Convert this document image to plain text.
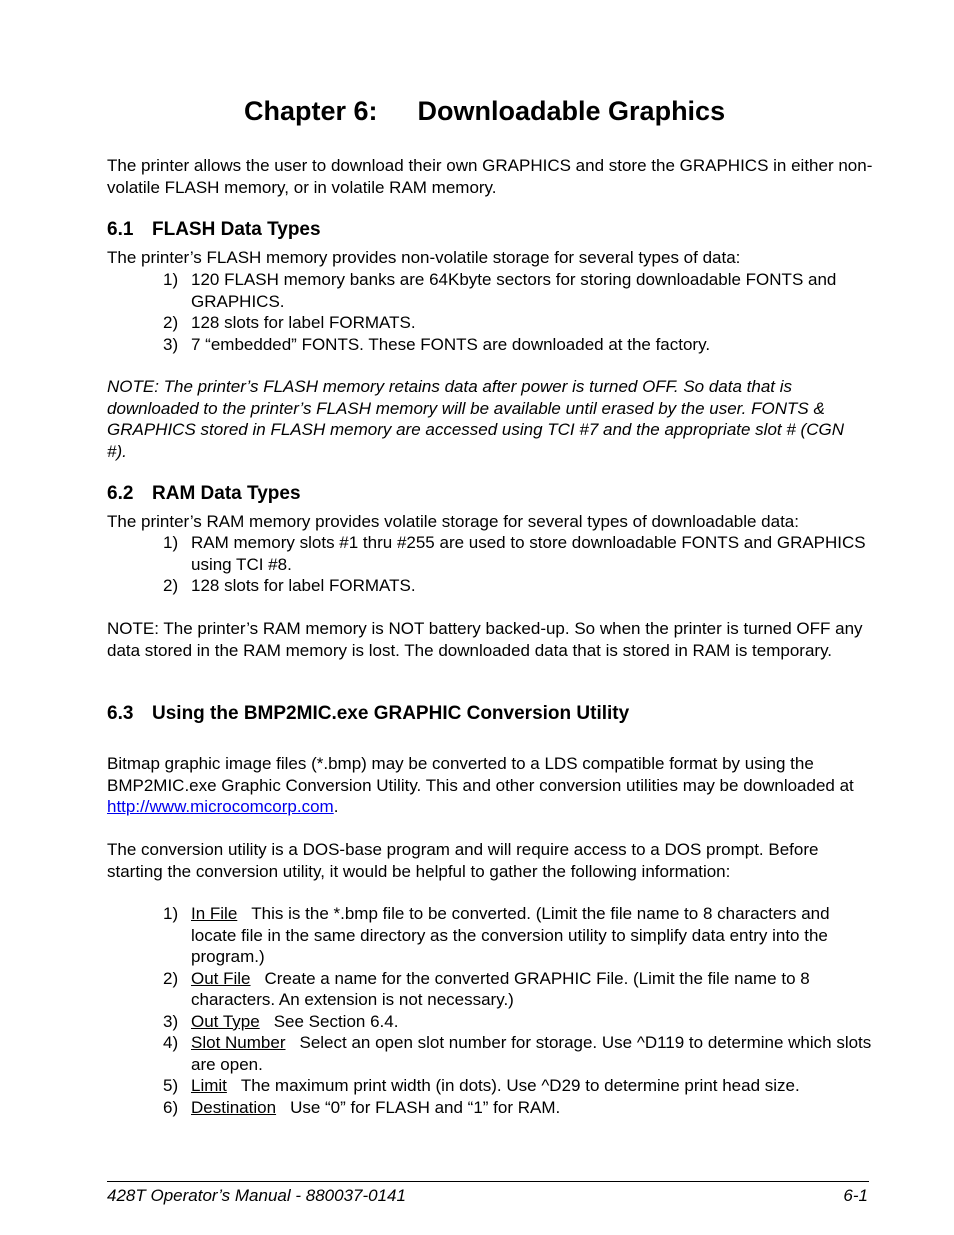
Chapter 6: Downloadable Graphics

The printer allows the user to download their own GRAPHICS and store the GRAPHICS in either non-volatile FLASH memory, or in volatile RAM memory.

6.1 FLASH Data Types

The printer’s FLASH memory provides non-volatile storage for several types of data:

1) 120 FLASH memory banks are 64Kbyte sectors for storing downloadable FONTS and GRAPHICS.
2) 128 slots for label FORMATS.
3) 7 “embedded” FONTS. These FONTS are downloaded at the factory.

NOTE: The printer’s FLASH memory retains data after power is turned OFF. So data that is downloaded to the printer’s FLASH memory will be available until erased by the user. FONTS & GRAPHICS stored in FLASH memory are accessed using TCI #7 and the appropriate slot # (CGN #).

6.2 RAM Data Types

The printer’s RAM memory provides volatile storage for several types of downloadable data:

1) RAM memory slots #1 thru #255 are used to store downloadable FONTS and GRAPHICS using TCI #8.
2) 128 slots for label FORMATS.

NOTE: The printer’s RAM memory is NOT battery backed-up. So when the printer is turned OFF any data stored in the RAM memory is lost. The downloaded data that is stored in RAM is temporary.

6.3 Using the BMP2MIC.exe GRAPHIC Conversion Utility

Bitmap graphic image files (*.bmp) may be converted to a LDS compatible format by using the BMP2MIC.exe Graphic Conversion Utility. This and other conversion utilities may be downloaded at http://www.microcomcorp.com.

The conversion utility is a DOS-base program and will require access to a DOS prompt. Before starting the conversion utility, it would be helpful to gather the following information:

1) In File This is the *.bmp file to be converted. (Limit the file name to 8 characters and locate file in the same directory as the conversion utility to simplify data entry into the program.)
2) Out File Create a name for the converted GRAPHIC File. (Limit the file name to 8 characters. An extension is not necessary.)
3) Out Type See Section 6.4.
4) Slot Number Select an open slot number for storage. Use ^D119 to determine which slots are open.
5) Limit The maximum print width (in dots). Use ^D29 to determine print head size.
6) Destination Use “0” for FLASH and “1” for RAM.
428T Operator’s Manual - 880037-0141	6-1
